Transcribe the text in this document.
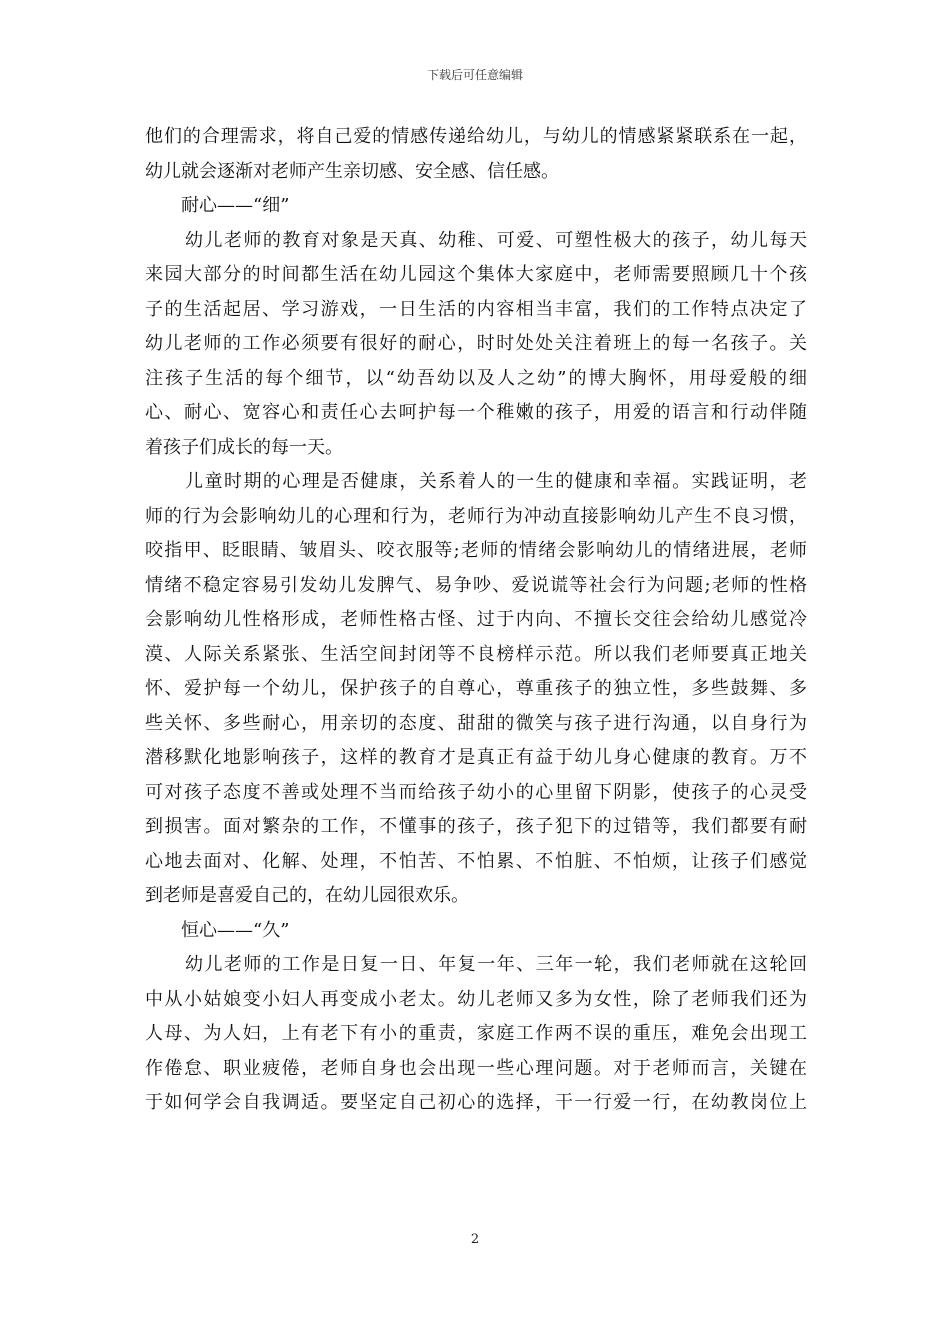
下载后可任意编辑
他们的合理需求，将自己爱的情感传递给幼儿，与幼儿的情感紧紧联系在一起，
幼儿就会逐渐对老师产生亲切感、安全感、信任感。
耐心——“细”
幼儿老师的教育对象是天真、幼稚、可爱、可塑性极大的孩子，幼儿每天
来园大部分的时间都生活在幼儿园这个集体大家庭中，老师需要照顾几十个孩
子的生活起居、学习游戏，一日生活的内容相当丰富，我们的工作特点决定了
幼儿老师的工作必须要有很好的耐心，时时处处关注着班上的每一名孩子。关
注孩子生活的每个细节，以“幼吾幼以及人之幼”的博大胸怀，用母爱般的细
心、耐心、宽容心和责任心去呵护每一个稚嫩的孩子，用爱的语言和行动伴随
着孩子们成长的每一天。
儿童时期的心理是否健康，关系着人的一生的健康和幸福。实践证明，老
师的行为会影响幼儿的心理和行为，老师行为冲动直接影响幼儿产生不良习惯，
咬指甲、眨眼睛、皱眉头、咬衣服等;老师的情绪会影响幼儿的情绪进展，老师
情绪不稳定容易引发幼儿发脾气、易争吵、爱说谎等社会行为问题;老师的性格
会影响幼儿性格形成，老师性格古怪、过于内向、不擅长交往会给幼儿感觉冷
漠、人际关系紧张、生活空间封闭等不良榜样示范。所以我们老师要真正地关
怀、爱护每一个幼儿，保护孩子的自尊心，尊重孩子的独立性，多些鼓舞、多
些关怀、多些耐心，用亲切的态度、甜甜的微笑与孩子进行沟通，以自身行为
潜移默化地影响孩子，这样的教育才是真正有益于幼儿身心健康的教育。万不
可对孩子态度不善或处理不当而给孩子幼小的心里留下阴影，使孩子的心灵受
到损害。面对繁杂的工作，不懂事的孩子，孩子犯下的过错等，我们都要有耐
心地去面对、化解、处理，不怕苦、不怕累、不怕脏、不怕烦，让孩子们感觉
到老师是喜爱自己的，在幼儿园很欢乐。
恒心——“久”
幼儿老师的工作是日复一日、年复一年、三年一轮，我们老师就在这轮回
中从小姑娘变小妇人再变成小老太。幼儿老师又多为女性，除了老师我们还为
人母、为人妇，上有老下有小的重责，家庭工作两不误的重压，难免会出现工
作倦怠、职业疲倦，老师自身也会出现一些心理问题。对于老师而言，关键在
于如何学会自我调适。要坚定自己初心的选择，干一行爱一行，在幼教岗位上
2
